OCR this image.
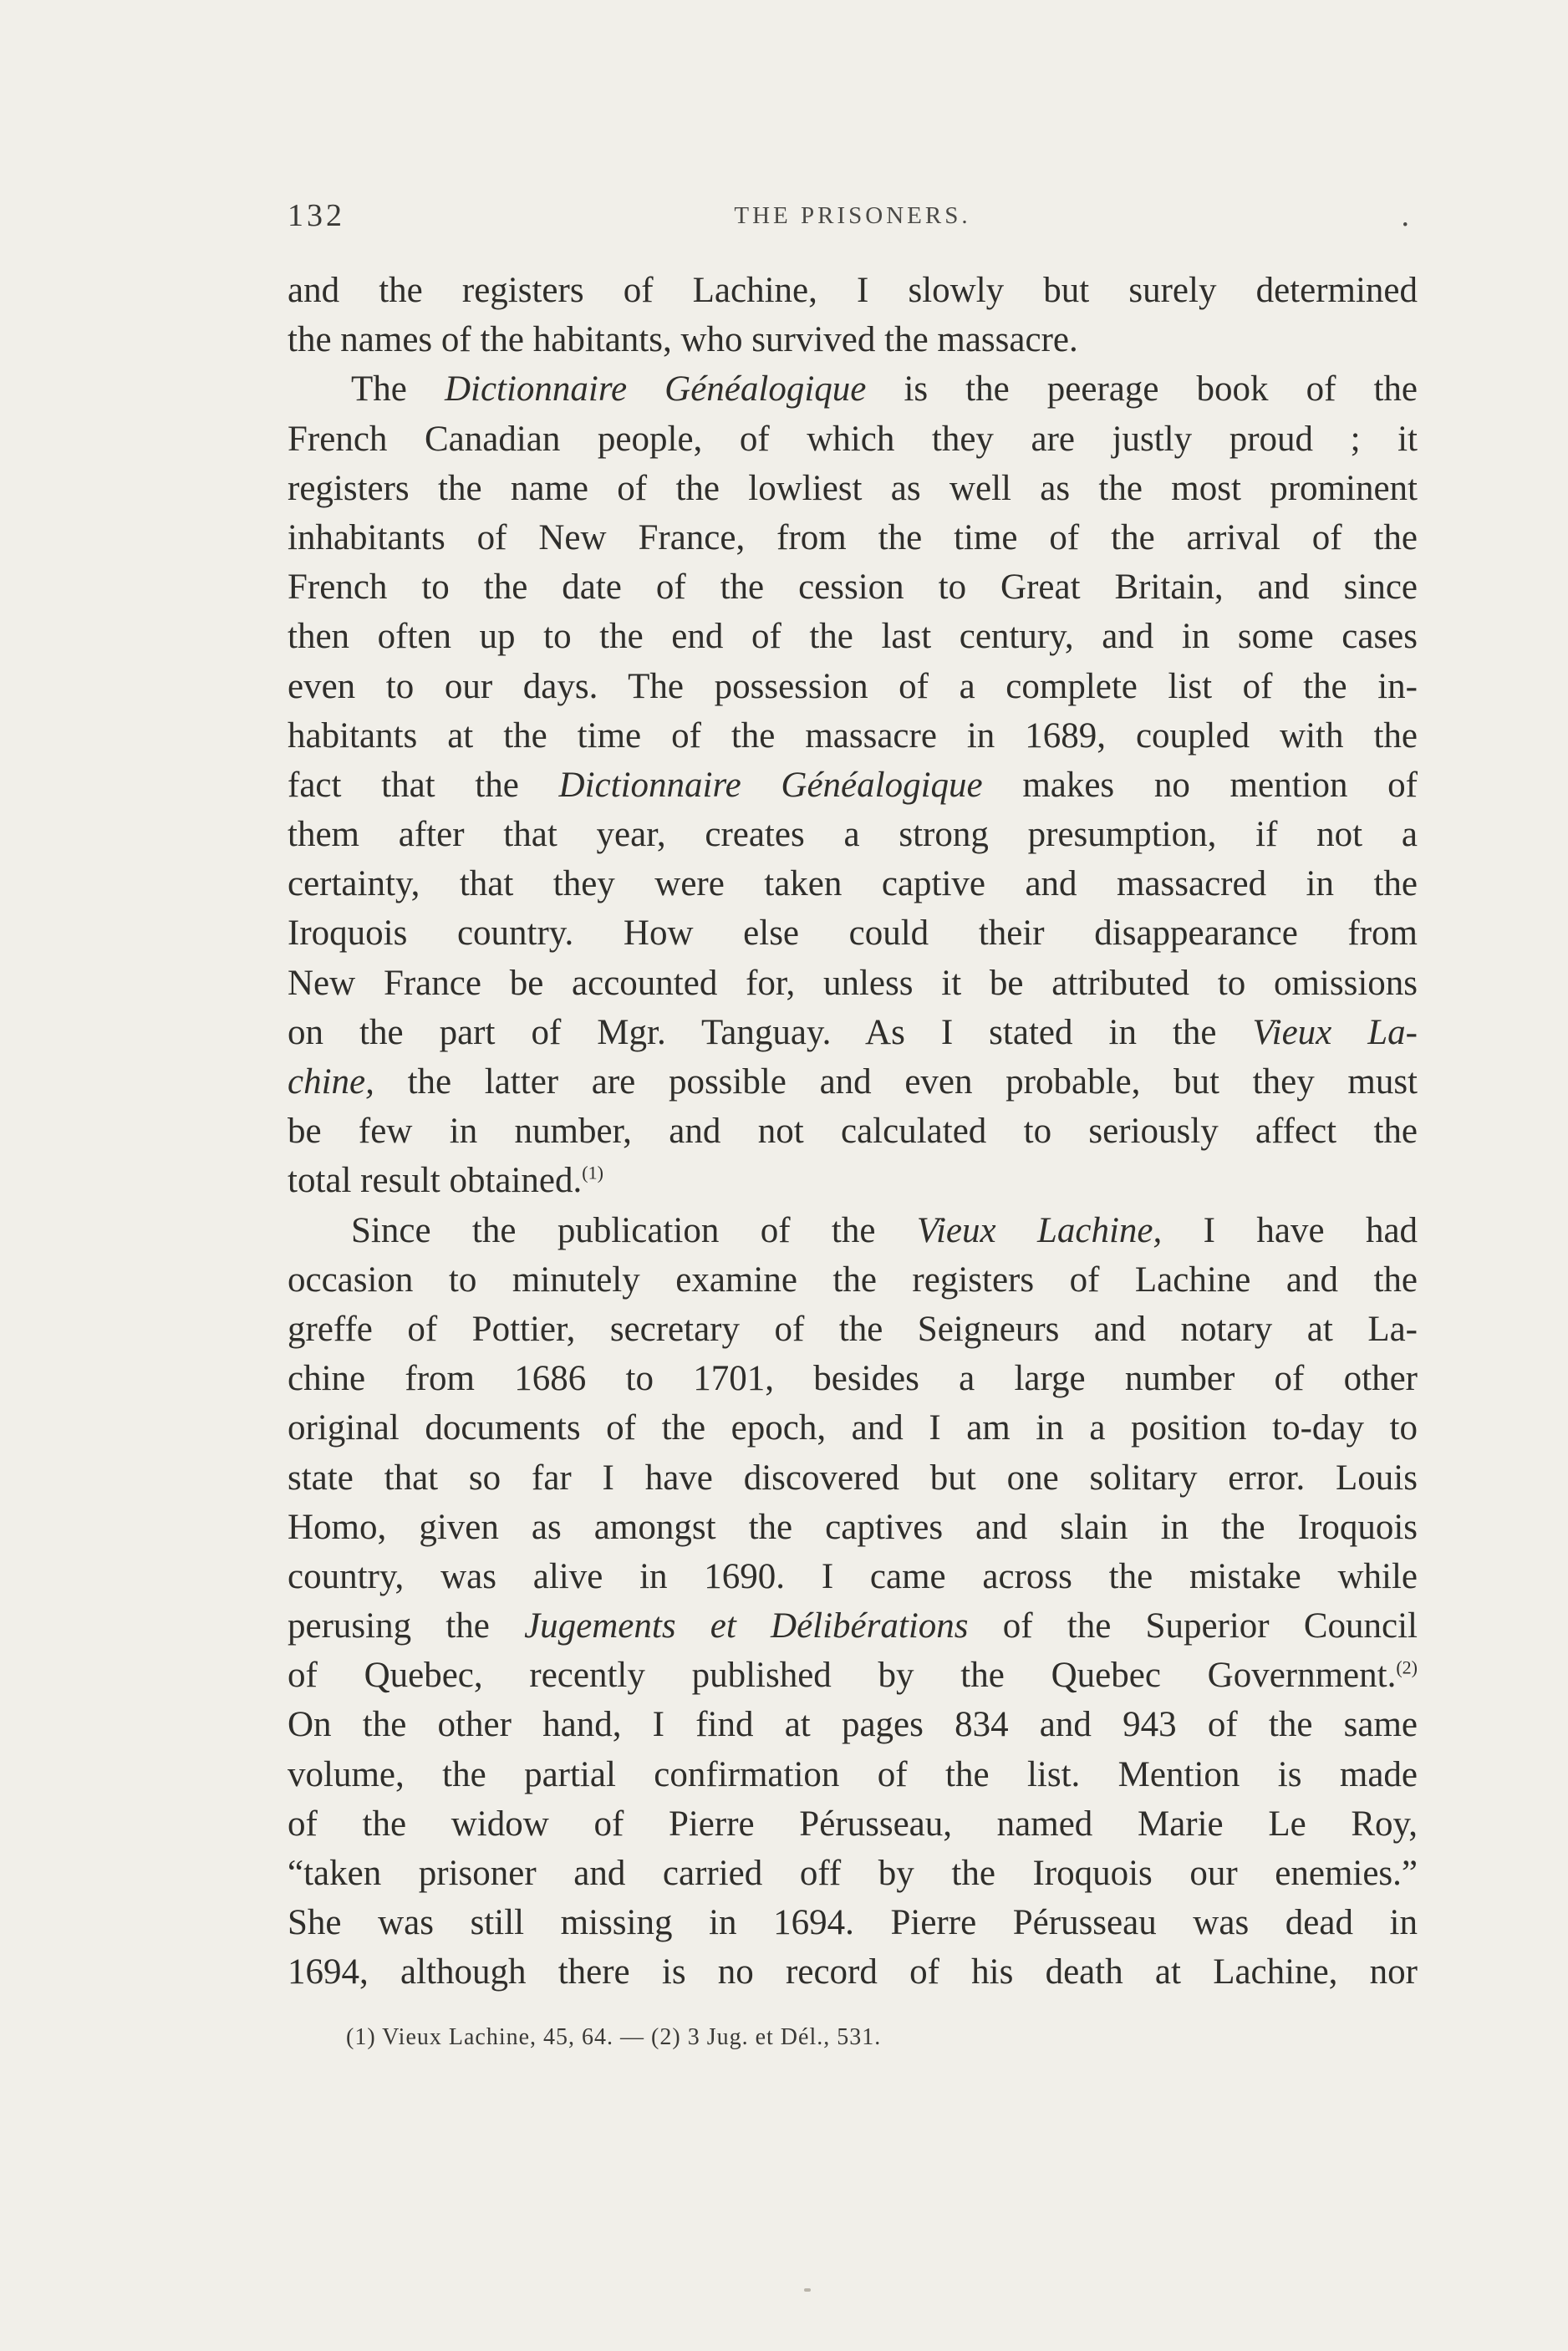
132	THE PRISONERS.	.
and the registers of Lachine, I slowly but surely determined
the names of the habitants, who survived the massacre.
The Dictionnaire Généalogique is the peerage book of the
French Canadian people, of which they are justly proud ; it
registers the name of the lowliest as well as the most prominent
inhabitants of New France, from the time of the arrival of the
French to the date of the cession to Great Britain, and since
then often up to the end of the last century, and in some cases
even to our days. The possession of a complete list of the in-
habitants at the time of the massacre in 1689, coupled with the
fact that the Dictionnaire Généalogique makes no mention of
them after that year, creates a strong presumption, if not a
certainty, that they were taken captive and massacred in the
Iroquois country. How else could their disappearance from
New France be accounted for, unless it be attributed to omissions
on the part of Mgr. Tanguay. As I stated in the Vieux La-
chine, the latter are possible and even probable, but they must
be few in number, and not calculated to seriously affect the
total result obtained.$^{(1)}$
Since the publication of the Vieux Lachine, I have had
occasion to minutely examine the registers of Lachine and the
greffe of Pottier, secretary of the Seigneurs and notary at La-
chine from 1686 to 1701, besides a large number of other
original documents of the epoch, and I am in a position to-day to
state that so far I have discovered but one solitary error. Louis
Homo, given as amongst the captives and slain in the Iroquois
country, was alive in 1690. I came across the mistake while
perusing the Jugements et Délibérations of the Superior Council
of Quebec, recently published by the Quebec Government.$^{(2)}$
On the other hand, I find at pages 834 and 943 of the same
volume, the partial confirmation of the list. Mention is made
of the widow of Pierre Pérusseau, named Marie Le Roy,
“taken prisoner and carried off by the Iroquois our enemies.”
She was still missing in 1694. Pierre Pérusseau was dead in
1694, although there is no record of his death at Lachine, nor
(1) Vieux Lachine, 45, 64. — (2) 3 Jug. et Dél., 531.
